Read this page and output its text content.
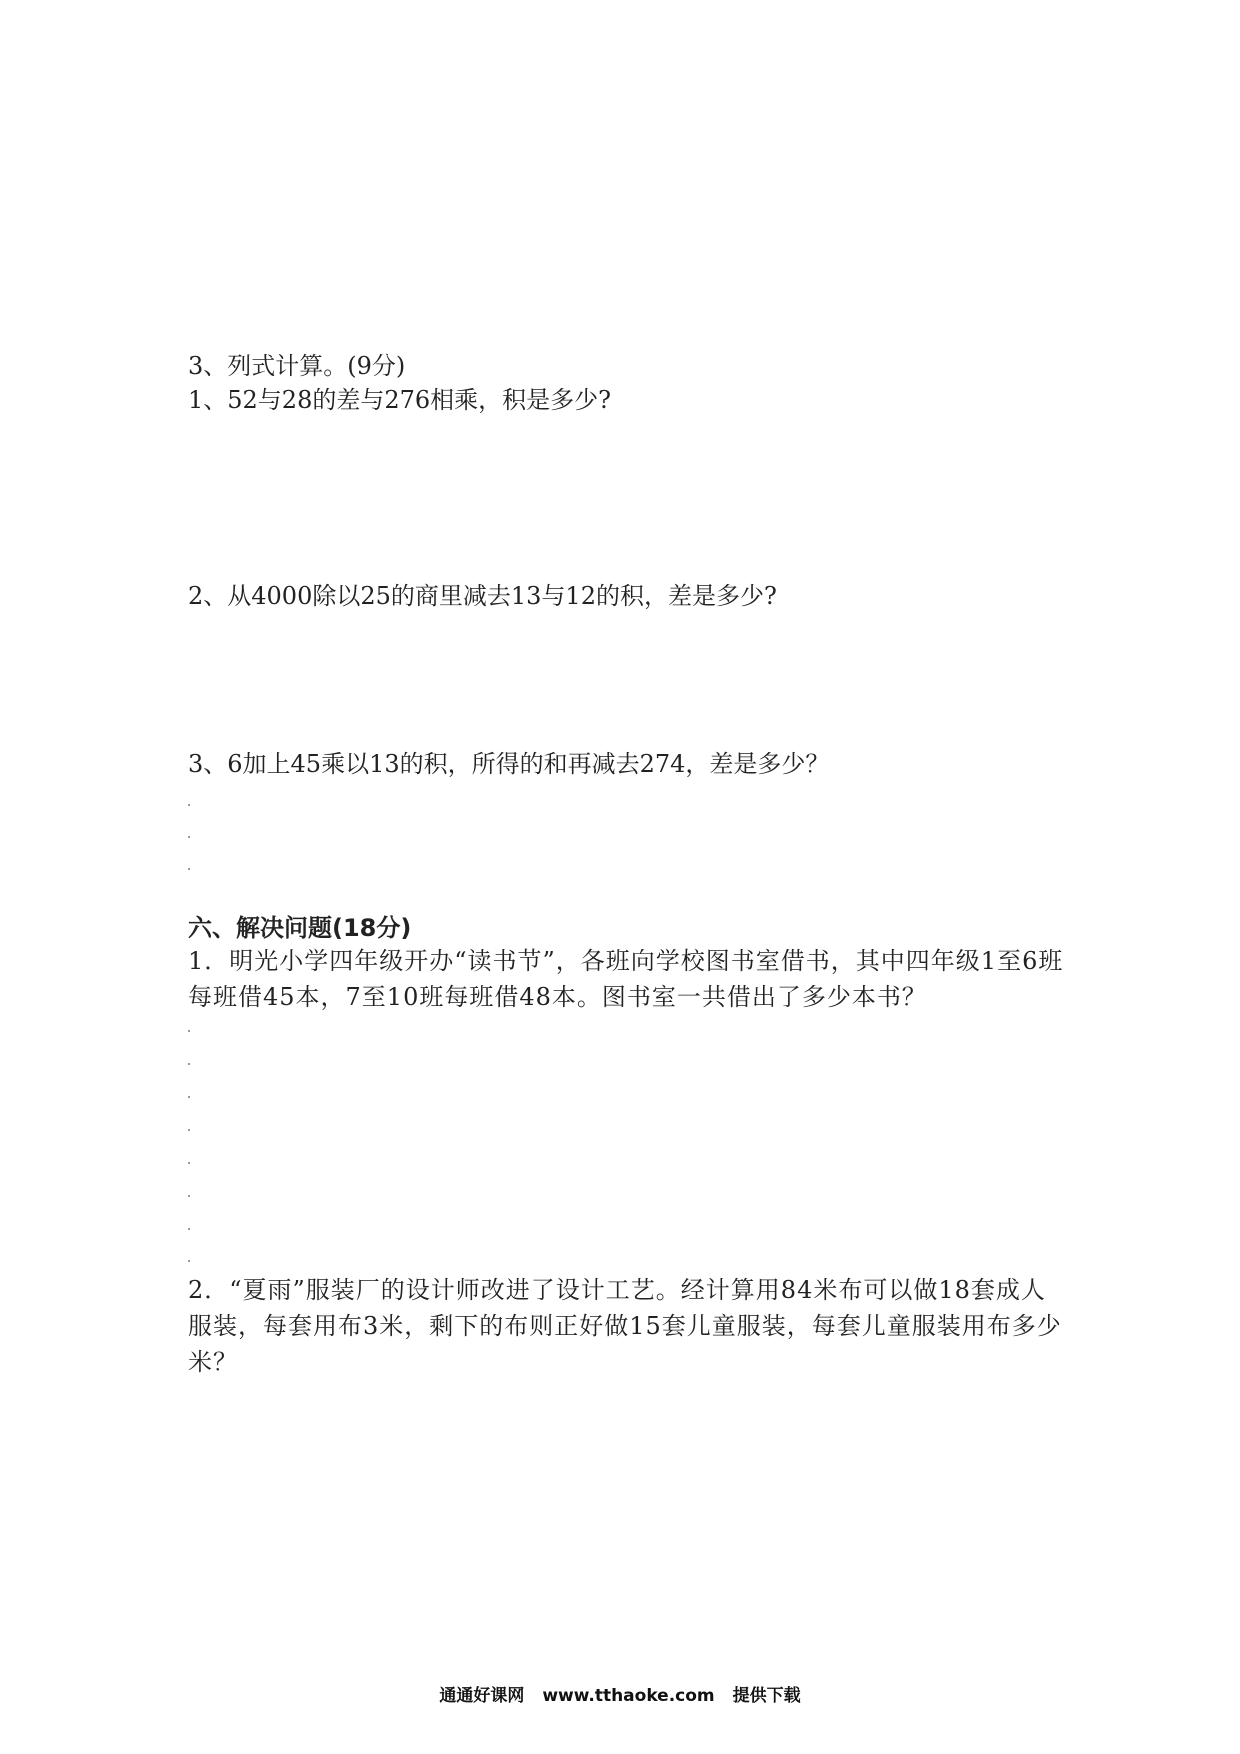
3、列式计算。(9分)
1、52与28的差与276相乘，积是多少?
2、从4000除以25的商里减去13与12的积，差是多少?
3、6加上45乘以13的积，所得的和再减去274，差是多少？
六、解决问题(18分)
1．明光小学四年级开办“读书节”，各班向学校图书室借书，其中四年级1至6班每班借45本，7至10班每班借48本。图书室一共借出了多少本书？
2．“夏雨”服装厂的设计师改进了设计工艺。经计算用84米布可以做18套成人服装，每套用布3米，剩下的布则正好做15套儿童服装，每套儿童服装用布多少米？
通通好课网 www.tthaoke.com 提供下载
